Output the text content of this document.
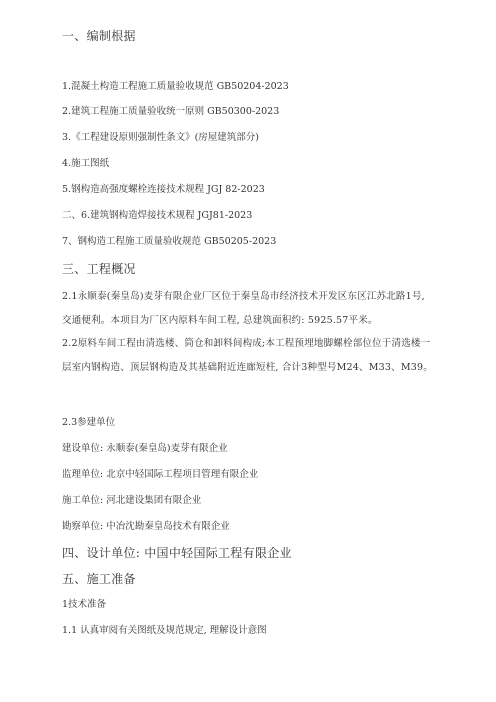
一、编制根据
1.混凝土构造工程施工质量验收规范 GB50204-2023
2.建筑工程施工质量验收统一原则 GB50300-2023
3.《工程建设原则强制性条文》(房屋建筑部分)
4.施工图纸
5.钢构造高强度螺栓连接技术规程 JGJ 82-2023
二、6.建筑钢构造焊接技术规程 JGJ81-2023
7、钢构造工程施工质量验收规范 GB50205-2023
三、工程概况
2.1永顺泰(秦皇岛)麦芽有限企业厂区位于秦皇岛市经济技术开发区东区江苏北路1号, 交通便利。本项目为厂区内原料车间工程, 总建筑面积约: 5925.57平米。
2.2原料车间工程由清选楼、筒仓和卸料间构成;本工程预埋地脚螺栓部位位于清选楼一层室内钢构造、顶层钢构造及其基础附近连廊短柱, 合计3种型号M24、M33、M39。
2.3参建单位
建设单位: 永顺泰(秦皇岛)麦芽有限企业
监理单位: 北京中轻国际工程项目管理有限企业
施工单位: 河北建设集团有限企业
勘察单位: 中冶沈勘秦皇岛技术有限企业
四、设计单位: 中国中轻国际工程有限企业
五、施工准备
1技术准备
1.1 认真审阅有关图纸及规范规定, 理解设计意图
